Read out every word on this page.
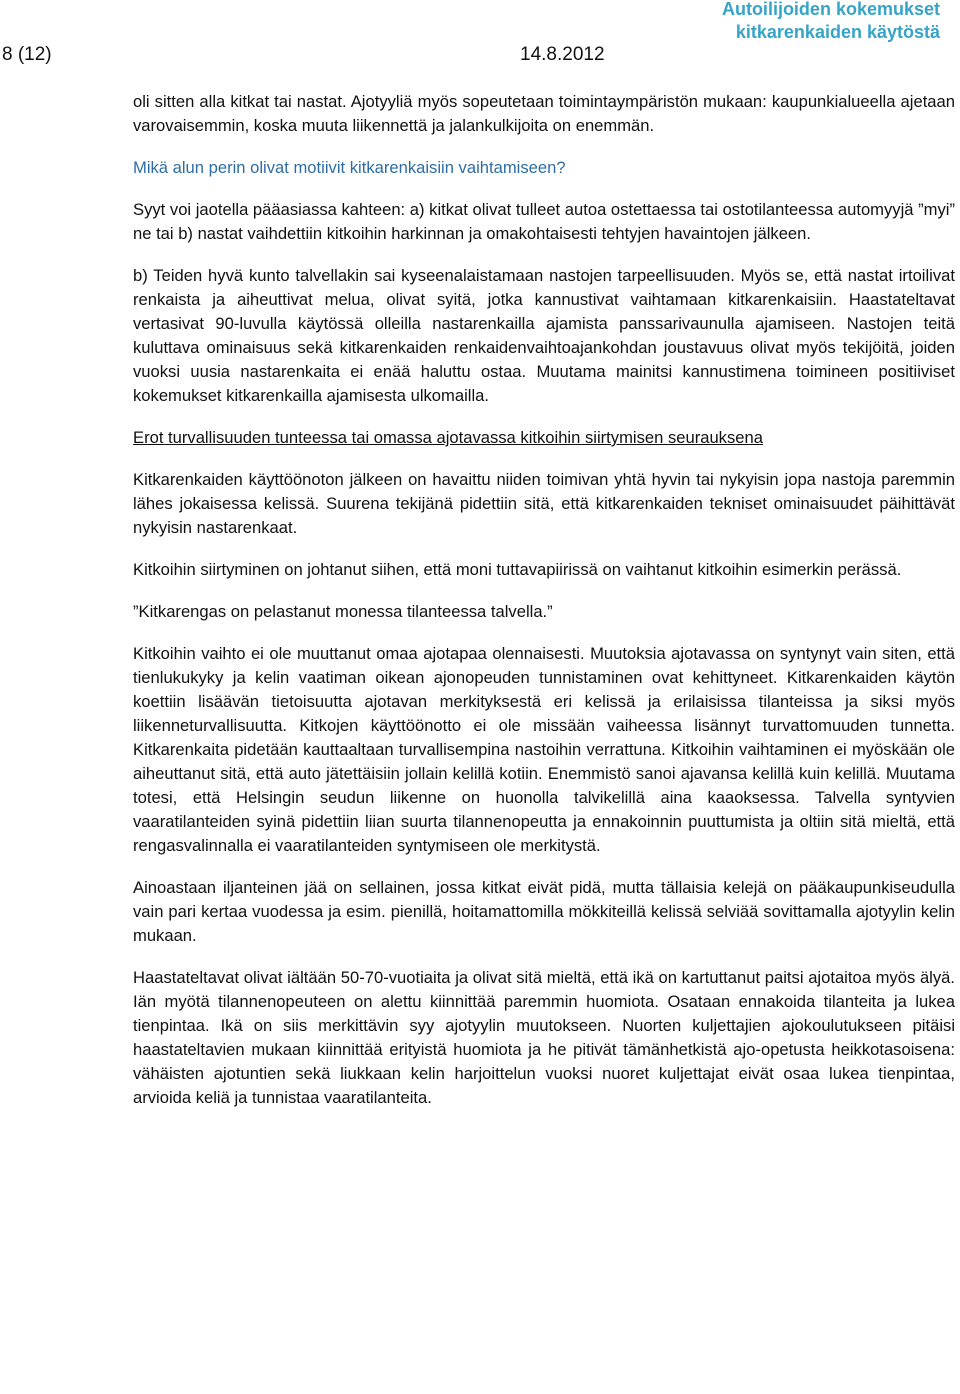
8 (12)	14.8.2012
Autoilijoiden kokemukset
kitkarenkaiden käytöstä

oli sitten alla kitkat tai nastat. Ajotyyliä myös sopeutetaan toimintaympäristön mukaan: kaupunkialueella ajetaan varovaisemmin, koska muuta liikennettä ja jalankulkijoita on enemmän.

Mikä alun perin olivat motiivit kitkarenkaisiin vaihtamiseen?

Syyt voi jaotella pääasiassa kahteen: a) kitkat olivat tulleet autoa ostettaessa tai ostotilanteessa automyyjä ”myi” ne tai b) nastat vaihdettiin kitkoihin harkinnan ja omakohtaisesti tehtyjen havaintojen jälkeen.

b) Teiden hyvä kunto talvellakin sai kyseenalaistamaan nastojen tarpeellisuuden. Myös se, että nastat irtoilivat renkaista ja aiheuttivat melua, olivat syitä, jotka kannustivat vaihtamaan kitkarenkaisiin. Haastateltavat vertasivat 90-luvulla käytössä olleilla nastarenkailla ajamista panssarivaunulla ajamiseen. Nastojen teitä kuluttava ominaisuus sekä kitkarenkaiden renkaidenvaihtoajankohdan joustavuus olivat myös tekijöitä, joiden vuoksi uusia nastarenkaita ei enää haluttu ostaa. Muutama mainitsi kannustimena toimineen positiiviset kokemukset kitkarenkailla ajamisesta ulkomailla.

Erot turvallisuuden tunteessa tai omassa ajotavassa kitkoihin siirtymisen seurauksena

Kitkarenkaiden käyttöönoton jälkeen on havaittu niiden toimivan yhtä hyvin tai nykyisin jopa nastoja paremmin lähes jokaisessa kelissä. Suurena tekijänä pidettiin sitä, että kitkarenkaiden tekniset ominaisuudet päihittävät nykyisin nastarenkaat.

Kitkoihin siirtyminen on johtanut siihen, että moni tuttavapiirissä on vaihtanut kitkoihin esimerkin perässä.

”Kitkarengas on pelastanut monessa tilanteessa talvella.”

Kitkoihin vaihto ei ole muuttanut omaa ajotapaa olennaisesti. Muutoksia ajotavassa on syntynyt vain siten, että tienlukukyky ja kelin vaatiman oikean ajonopeuden tunnistaminen ovat kehittyneet. Kitkarenkaiden käytön koettiin lisäävän tietoisuutta ajotavan merkityksestä eri kelissä ja erilaisissa tilanteissa ja siksi myös liikenneturvallisuutta. Kitkojen käyttöönotto ei ole missään vaiheessa lisännyt turvattomuuden tunnetta. Kitkarenkaita pidetään kauttaaltaan turvallisempina nastoihin verrattuna. Kitkoihin vaihtaminen ei myöskään ole aiheuttanut sitä, että auto jätettäisiin jollain kelillä kotiin. Enemmistö sanoi ajavansa kelillä kuin kelillä. Muutama totesi, että Helsingin seudun liikenne on huonolla talvikelillä aina kaaoksessa. Talvella syntyvien vaaratilanteiden syinä pidettiin liian suurta tilannenopeutta ja ennakoinnin puuttumista ja oltiin sitä mieltä, että rengasvalinnalla ei vaaratilanteiden syntymiseen ole merkitystä.

Ainoastaan iljanteinen jää on sellainen, jossa kitkat eivät pidä, mutta tällaisia kelejä on pääkaupunkiseudulla vain pari kertaa vuodessa ja esim. pienillä, hoitamattomilla mökkiteillä kelissä selviää sovittamalla ajotyylin kelin mukaan.

Haastateltavat olivat iältään 50-70-vuotiaita ja olivat sitä mieltä, että ikä on kartuttanut paitsi ajotaitoa myös älyä. Iän myötä tilannenopeuteen on alettu kiinnittää paremmin huomiota. Osataan ennakoida tilanteita ja lukea tienpintaa. Ikä on siis merkittävin syy ajotyylin muutokseen. Nuorten kuljettajien ajokoulutukseen pitäisi haastateltavien mukaan kiinnittää erityistä huomiota ja he pitivät tämänhetkistä ajo-opetusta heikkotasoisena: vähäisten ajotuntien sekä liukkaan kelin harjoittelun vuoksi nuoret kuljettajat eivät osaa lukea tienpintaa, arvioida keliä ja tunnistaa vaaratilanteita.
